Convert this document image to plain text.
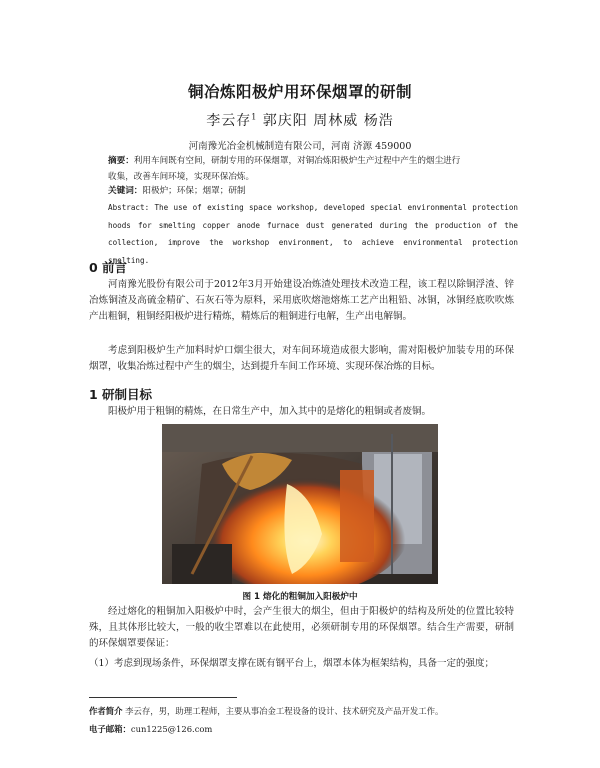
铜冶炼阳极炉用环保烟罩的研制
李云存$^1$ 郭庆阳 周林威 杨浩
河南豫光冶金机械制造有限公司，河南 济源 459000
摘要：利用车间既有空间，研制专用的环保烟罩，对铜冶炼阳极炉生产过程中产生的烟尘进行
收集，改善车间环境，实现环保冶炼。
关键词：阳极炉；环保；烟罩；研制
Abstract: The use of existing space workshop, developed special environmental protection hoods for smelting copper anode furnace dust generated during the production of the collection, improve the workshop environment, to achieve environmental protection smelting.
0 前言

河南豫光股份有限公司于2012年3月开始建设冶炼渣处理技术改造工程，该工程以除铜浮渣、锌冶炼铜渣及高硫金精矿、石灰石等为原料，采用底吹熔池熔炼工艺产出粗铅、冰铜，冰铜经底吹吹炼产出粗铜，粗铜经阳极炉进行精炼，精炼后的粗铜进行电解，生产出电解铜。

考虑到阳极炉生产加料时炉口烟尘很大，对车间环境造成很大影响，需对阳极炉加装专用的环保烟罩，收集冶炼过程中产生的烟尘，达到提升车间工作环境、实现环保冶炼的目标。

1 研制目标

阳极炉用于粗铜的精炼，在日常生产中，加入其中的是熔化的粗铜或者废铜。

图 1 熔化的粗铜加入阳极炉中

经过熔化的粗铜加入阳极炉中时，会产生很大的烟尘，但由于阳极炉的结构及所处的位置比较特殊，且其体形比较大，一般的收尘罩难以在此使用，必须研制专用的环保烟罩。结合生产需要，研制的环保烟罩要保证：

（1）考虑到现场条件，环保烟罩支撑在既有钢平台上，烟罩本体为框架结构，具备一定的强度；

作者简介 李云存，男，助理工程师，主要从事冶金工程设备的设计、技术研究及产品开发工作。
电子邮箱：cun1225@126.com
